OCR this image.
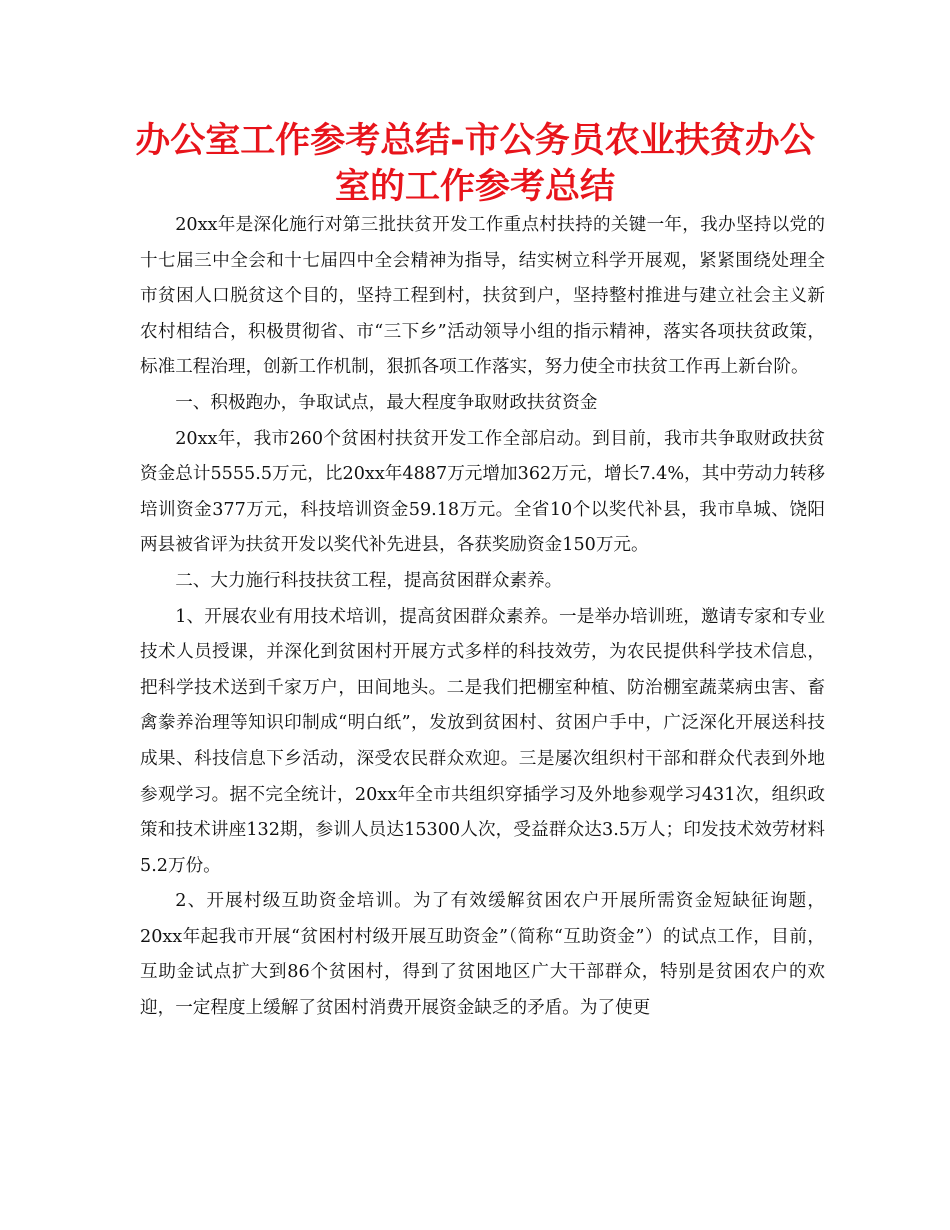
办公室工作参考总结-市公务员农业扶贫办公室的工作参考总结

20xx年是深化施行对第三批扶贫开发工作重点村扶持的关键一年，我办坚持以党的十七届三中全会和十七届四中全会精神为指导，结实树立科学开展观，紧紧围绕处理全市贫困人口脱贫这个目的，坚持工程到村，扶贫到户，坚持整村推进与建立社会主义新农村相结合，积极贯彻省、市“三下乡”活动领导小组的指示精神，落实各项扶贫政策，标准工程治理，创新工作机制，狠抓各项工作落实，努力使全市扶贫工作再上新台阶。

一、积极跑办，争取试点，最大程度争取财政扶贫资金

20xx年，我市260个贫困村扶贫开发工作全部启动。到目前，我市共争取财政扶贫资金总计5555.5万元，比20xx年4887万元增加362万元，增长7.4%，其中劳动力转移培训资金377万元，科技培训资金59.18万元。全省10个以奖代补县，我市阜城、饶阳两县被省评为扶贫开发以奖代补先进县，各获奖励资金150万元。

二、大力施行科技扶贫工程，提高贫困群众素养。

1、开展农业有用技术培训，提高贫困群众素养。一是举办培训班，邀请专家和专业技术人员授课，并深化到贫困村开展方式多样的科技效劳，为农民提供科学技术信息，把科学技术送到千家万户，田间地头。二是我们把棚室种植、防治棚室蔬菜病虫害、畜禽豢养治理等知识印制成“明白纸”，发放到贫困村、贫困户手中，广泛深化开展送科技成果、科技信息下乡活动，深受农民群众欢迎。三是屡次组织村干部和群众代表到外地参观学习。据不完全统计，20xx年全市共组织穿插学习及外地参观学习431次，组织政策和技术讲座132期，参训人员达15300人次，受益群众达3.5万人；印发技术效劳材料5.2万份。

2、开展村级互助资金培训。为了有效缓解贫困农户开展所需资金短缺征询题，20xx年起我市开展“贫困村村级开展互助资金”（简称“互助资金”）的试点工作，目前，互助金试点扩大到86个贫困村，得到了贫困地区广大干部群众，特别是贫困农户的欢迎，一定程度上缓解了贫困村消费开展资金缺乏的矛盾。为了使更
